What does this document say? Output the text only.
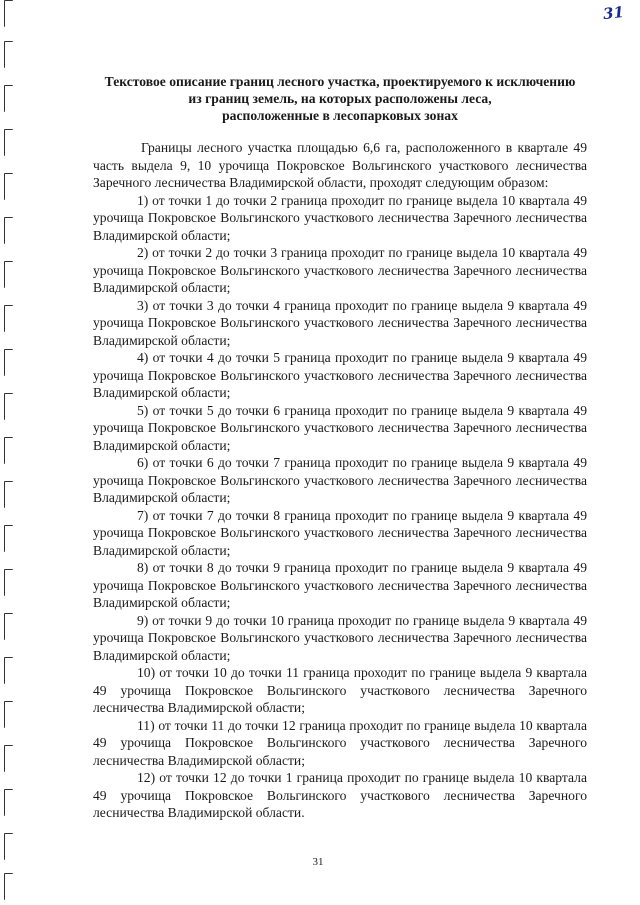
31
Текстовое описание границ лесного участка, проектируемого к исключению
из границ земель, на которых расположены леса,
расположенные в лесопарковых зонах

Границы лесного участка площадью 6,6 га, расположенного в квартале 49 часть выдела 9, 10 урочища Покровское Вольгинского участкового лесничества Заречного лесничества Владимирской области, проходят следующим образом:

1) от точки 1 до точки 2 граница проходит по границе выдела 10 квартала 49 урочища Покровское Вольгинского участкового лесничества Заречного лесничества Владимирской области;

2) от точки 2 до точки 3 граница проходит по границе выдела 10 квартала 49 урочища Покровское Вольгинского участкового лесничества Заречного лесничества Владимирской области;

3) от точки 3 до точки 4 граница проходит по границе выдела 9 квартала 49 урочища Покровское Вольгинского участкового лесничества Заречного лесничества Владимирской области;

4) от точки 4 до точки 5 граница проходит по границе выдела 9 квартала 49 урочища Покровское Вольгинского участкового лесничества Заречного лесничества Владимирской области;

5) от точки 5 до точки 6 граница проходит по границе выдела 9 квартала 49 урочища Покровское Вольгинского участкового лесничества Заречного лесничества Владимирской области;

6) от точки 6 до точки 7 граница проходит по границе выдела 9 квартала 49 урочища Покровское Вольгинского участкового лесничества Заречного лесничества Владимирской области;

7) от точки 7 до точки 8 граница проходит по границе выдела 9 квартала 49 урочища Покровское Вольгинского участкового лесничества Заречного лесничества Владимирской области;

8) от точки 8 до точки 9 граница проходит по границе выдела 9 квартала 49 урочища Покровское Вольгинского участкового лесничества Заречного лесничества Владимирской области;

9) от точки 9 до точки 10 граница проходит по границе выдела 9 квартала 49 урочища Покровское Вольгинского участкового лесничества Заречного лесничества Владимирской области;

10) от точки 10 до точки 11 граница проходит по границе выдела 9 квартала 49 урочища Покровское Вольгинского участкового лесничества Заречного лесничества Владимирской области;

11) от точки 11 до точки 12 граница проходит по границе выдела 10 квартала 49 урочища Покровское Вольгинского участкового лесничества Заречного лесничества Владимирской области;

12) от точки 12 до точки 1 граница проходит по границе выдела 10 квартала 49 урочища Покровское Вольгинского участкового лесничества Заречного лесничества Владимирской области.

31
